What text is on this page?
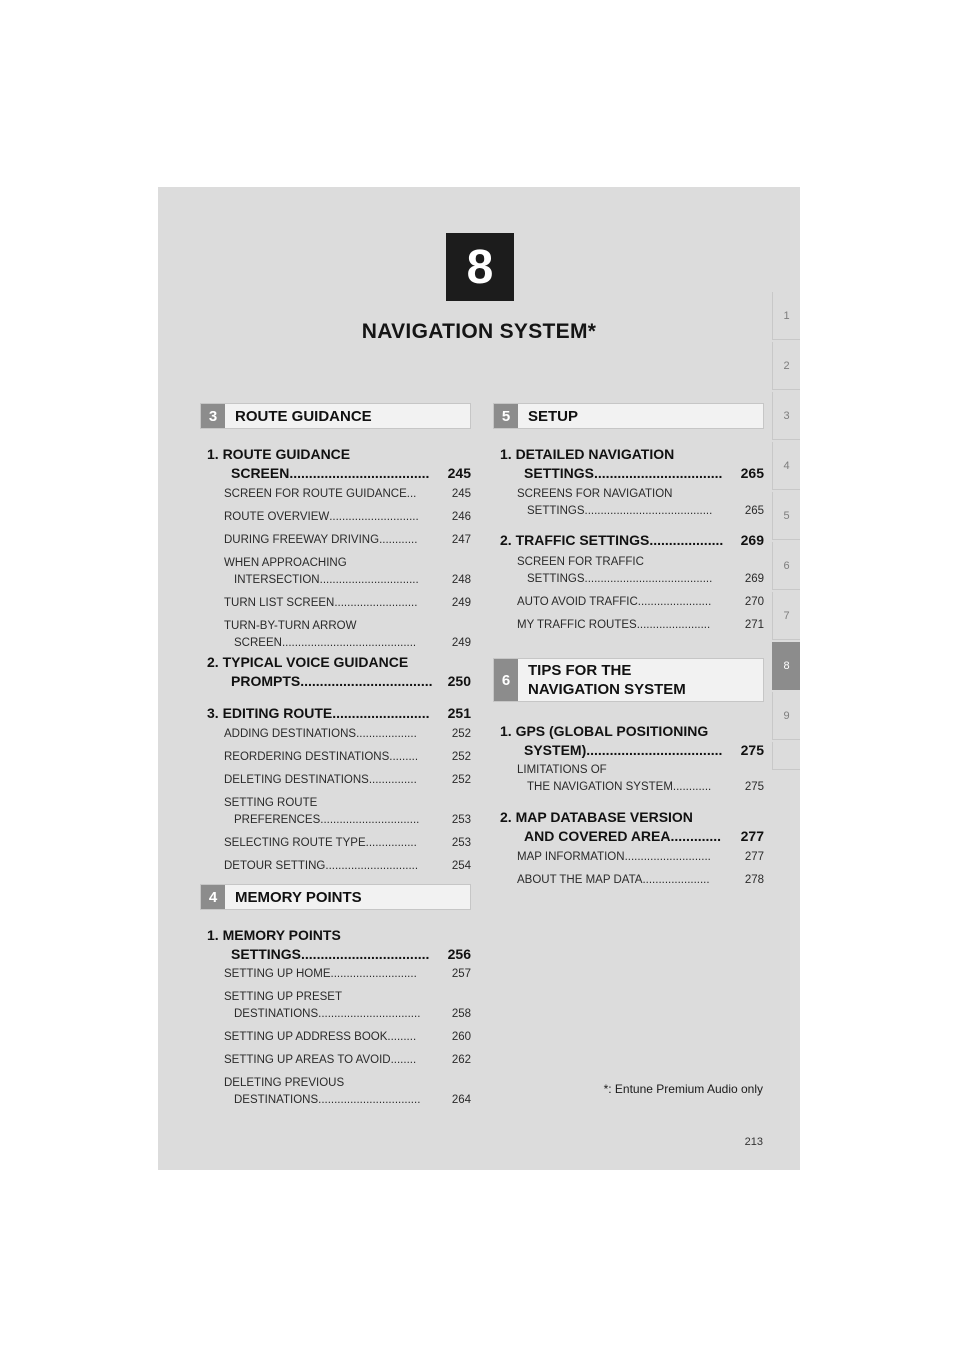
8
NAVIGATION SYSTEM*
1
2
3
4
5
6
7
8
9
3	ROUTE GUIDANCE
1. ROUTE GUIDANCE
SCREEN ....................................	245
SCREEN FOR ROUTE GUIDANCE ...	245
ROUTE OVERVIEW ............................	246
DURING FREEWAY DRIVING ............	247
WHEN APPROACHING
INTERSECTION ...............................	248
TURN LIST SCREEN ..........................	249
TURN-BY-TURN ARROW
SCREEN ..........................................	249
2. TYPICAL VOICE GUIDANCE
PROMPTS ..................................	250
3. EDITING ROUTE .........................	251
ADDING DESTINATIONS ...................	252
REORDERING DESTINATIONS .........	252
DELETING DESTINATIONS ...............	252
SETTING ROUTE
PREFERENCES ...............................	253
SELECTING ROUTE TYPE ................	253
DETOUR SETTING .............................	254
4	MEMORY POINTS
1. MEMORY POINTS
SETTINGS .................................	256
SETTING UP HOME ...........................	257
SETTING UP PRESET
DESTINATIONS ................................	258
SETTING UP ADDRESS BOOK .........	260
SETTING UP AREAS TO AVOID ........	262
DELETING PREVIOUS
DESTINATIONS ................................	264
5	SETUP
1. DETAILED NAVIGATION
SETTINGS .................................	265
SCREENS FOR NAVIGATION
SETTINGS ........................................	265
2. TRAFFIC SETTINGS ...................	269
SCREEN FOR TRAFFIC
SETTINGS ........................................	269
AUTO AVOID TRAFFIC .......................	270
MY TRAFFIC ROUTES .......................	271
6
TIPS FOR THE NAVIGATION SYSTEM
1. GPS (GLOBAL POSITIONING
SYSTEM) ...................................	275
LIMITATIONS OF
THE NAVIGATION SYSTEM ............	275
2. MAP DATABASE VERSION
AND COVERED AREA .............	277
MAP INFORMATION ...........................	277
ABOUT THE MAP DATA .....................	278
*: Entune Premium Audio only
213
